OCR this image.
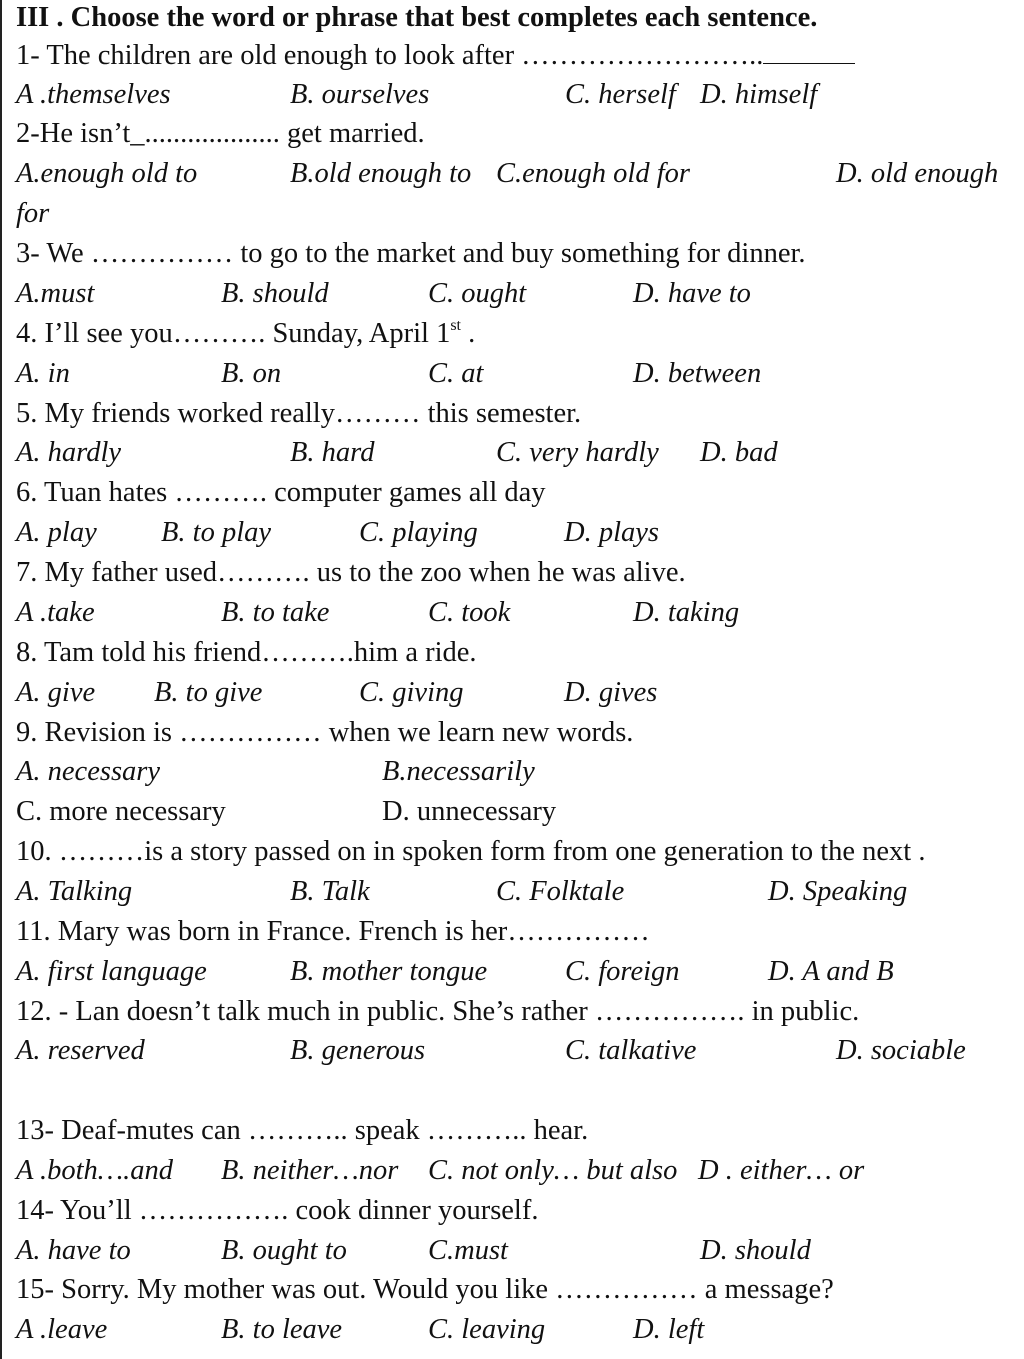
III . Choose the word or phrase that best completes each sentence.
1- The children are old enough to look after ……………………..
A .themselves	B. ourselves	C. herself D. himself
2-He isn’t_................... get married.
A.enough old to	B.old enough to C.enough old for	D. old enough
for
3- We …………… to go to the market and buy something for dinner.
A.must	B. should	C. ought	D. have to
4. I’ll see you………. Sunday, April 1st .
A. in	B. on	C. at	D. between
5. My friends worked really……… this semester.
A. hardly	B. hard	C. very hardly D. bad
6. Tuan hates ………. computer games all day
A. play B. to play	C. playing	D. plays
7. My father used………. us to the zoo when he was alive.
A .take	B. to take	C. took	D. taking
8. Tam told his friend……….him a ride.
A. give B. to give	C. giving	D. gives
9. Revision is …………… when we learn new words.
A. necessary	B.necessarily
C. more necessary	D. unnecessary
10. ………is a story passed on in spoken form from one generation to the next .
A. Talking	B. Talk	C. Folktale	D. Speaking
11. Mary was born in France. French is her……………
A. first language	B. mother tongue	C. foreign	D. A and B
12. - Lan doesn’t talk much in public. She’s rather ……………. in public.
A. reserved	B. generous	C. talkative	D. sociable
13- Deaf-mutes can ……….. speak ……….. hear.
A .both….and B. neither…nor C. not only… but also D . either… or
14- You’ll ……………. cook dinner yourself.
A. have to	B. ought to	C.must	D. should
15- Sorry. My mother was out. Would you like …………… a message?
A .leave	B. to leave	C. leaving	D. left
